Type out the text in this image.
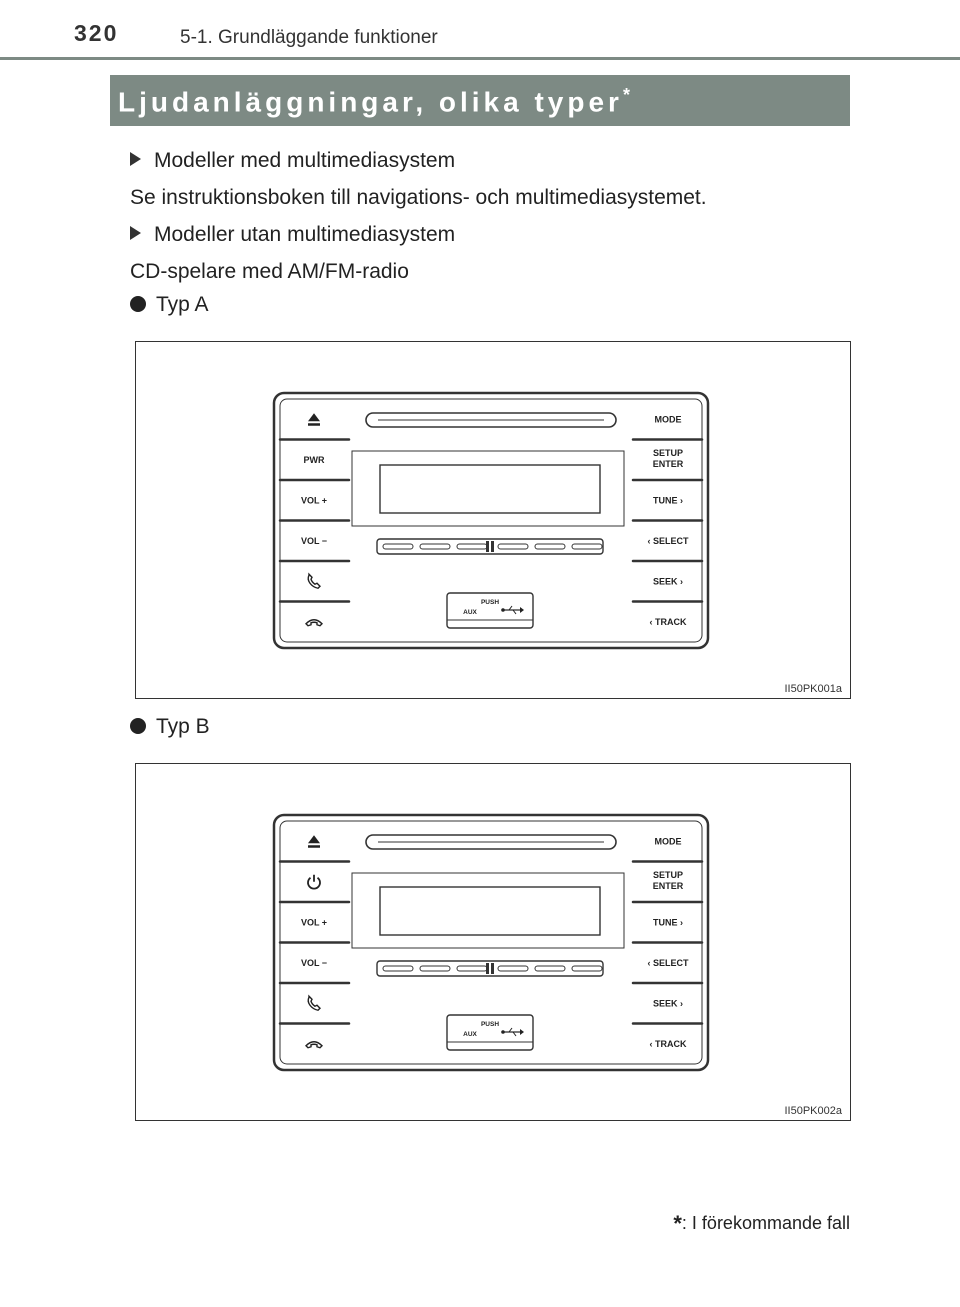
320	5-1. Grundläggande funktioner
Ljudanläggningar, olika typer*
Modeller med multimediasystem
Se instruktionsboken till navigations- och multimediasystemet.
Modeller utan multimediasystem
CD-spelare med AM/FM-radio
Typ A
PUSH
AUX
MODE
PWR
SETUP
ENTER
VOL +	TUNE ›
VOL −	‹ SELECT
SEEK ›
‹ TRACK
II50PK001a
Typ B
PUSH
AUX
MODE
SETUP
ENTER
VOL +	TUNE ›
VOL −	‹ SELECT
SEEK ›
‹ TRACK
II50PK002a
*: I förekommande fall
